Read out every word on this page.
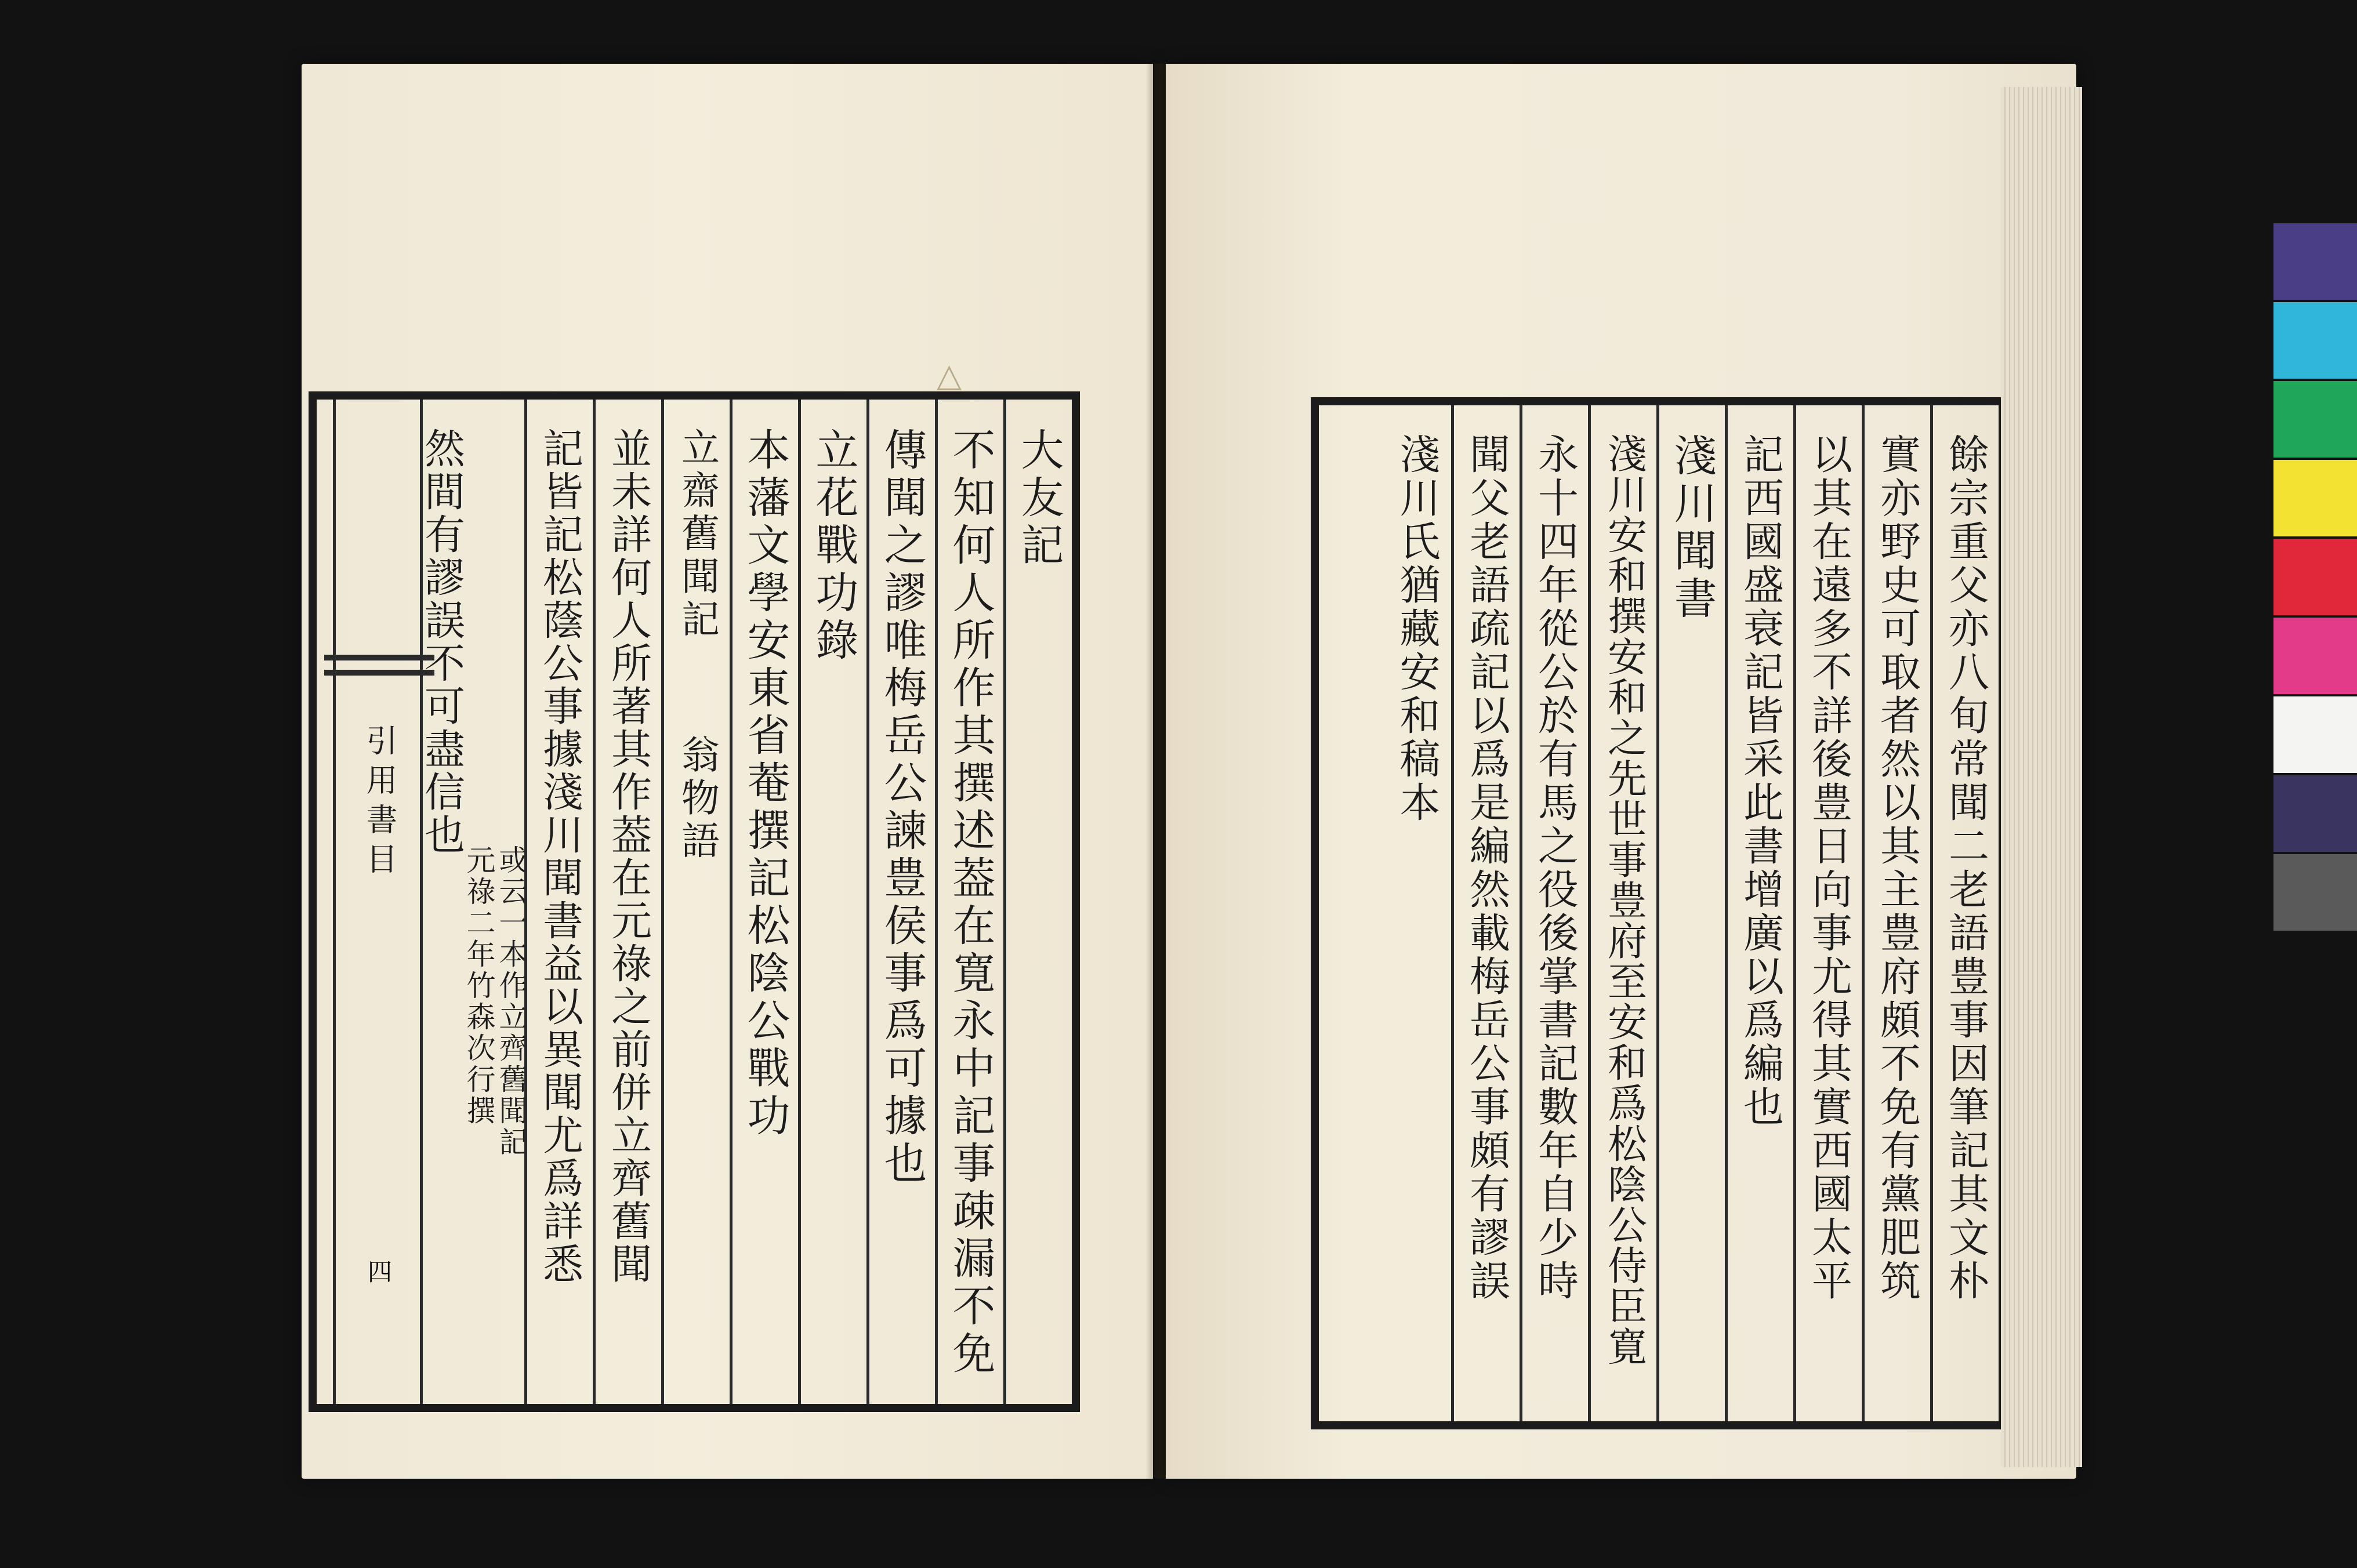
△
大友記
不知何人所作其撰述葢在寛永中記事疎漏不免
傳聞之謬唯梅岳公諫豊侯事爲可據也
立花戰功錄
本藩文學安東省菴撰記松陰公戰功
立齋舊聞記翁物語
並未詳何人所著其作葢在元祿之前併立齊舊聞
記皆記松蔭公事據淺川聞書益以異聞尤爲詳悉
然間有謬誤不可盡信也
或云一本作立齊舊聞記
元祿二年竹森次行撰
引用書目
四	餘宗重父亦八旬常聞二老語豊事因筆記其文朴
實亦野史可取者然以其主豊府頗不免有黨肥筑
以其在遠多不詳後豊日向事尤得其實西國太平
記西國盛衰記皆采此書增廣以爲編也
淺川聞書
淺川安和撰安和之先世事豊府至安和爲松陰公侍臣寛
永十四年從公於有馬之役後掌書記數年自少時
聞父老語疏記以爲是編然載梅岳公事頗有謬誤
淺川氏猶藏安和稿本
